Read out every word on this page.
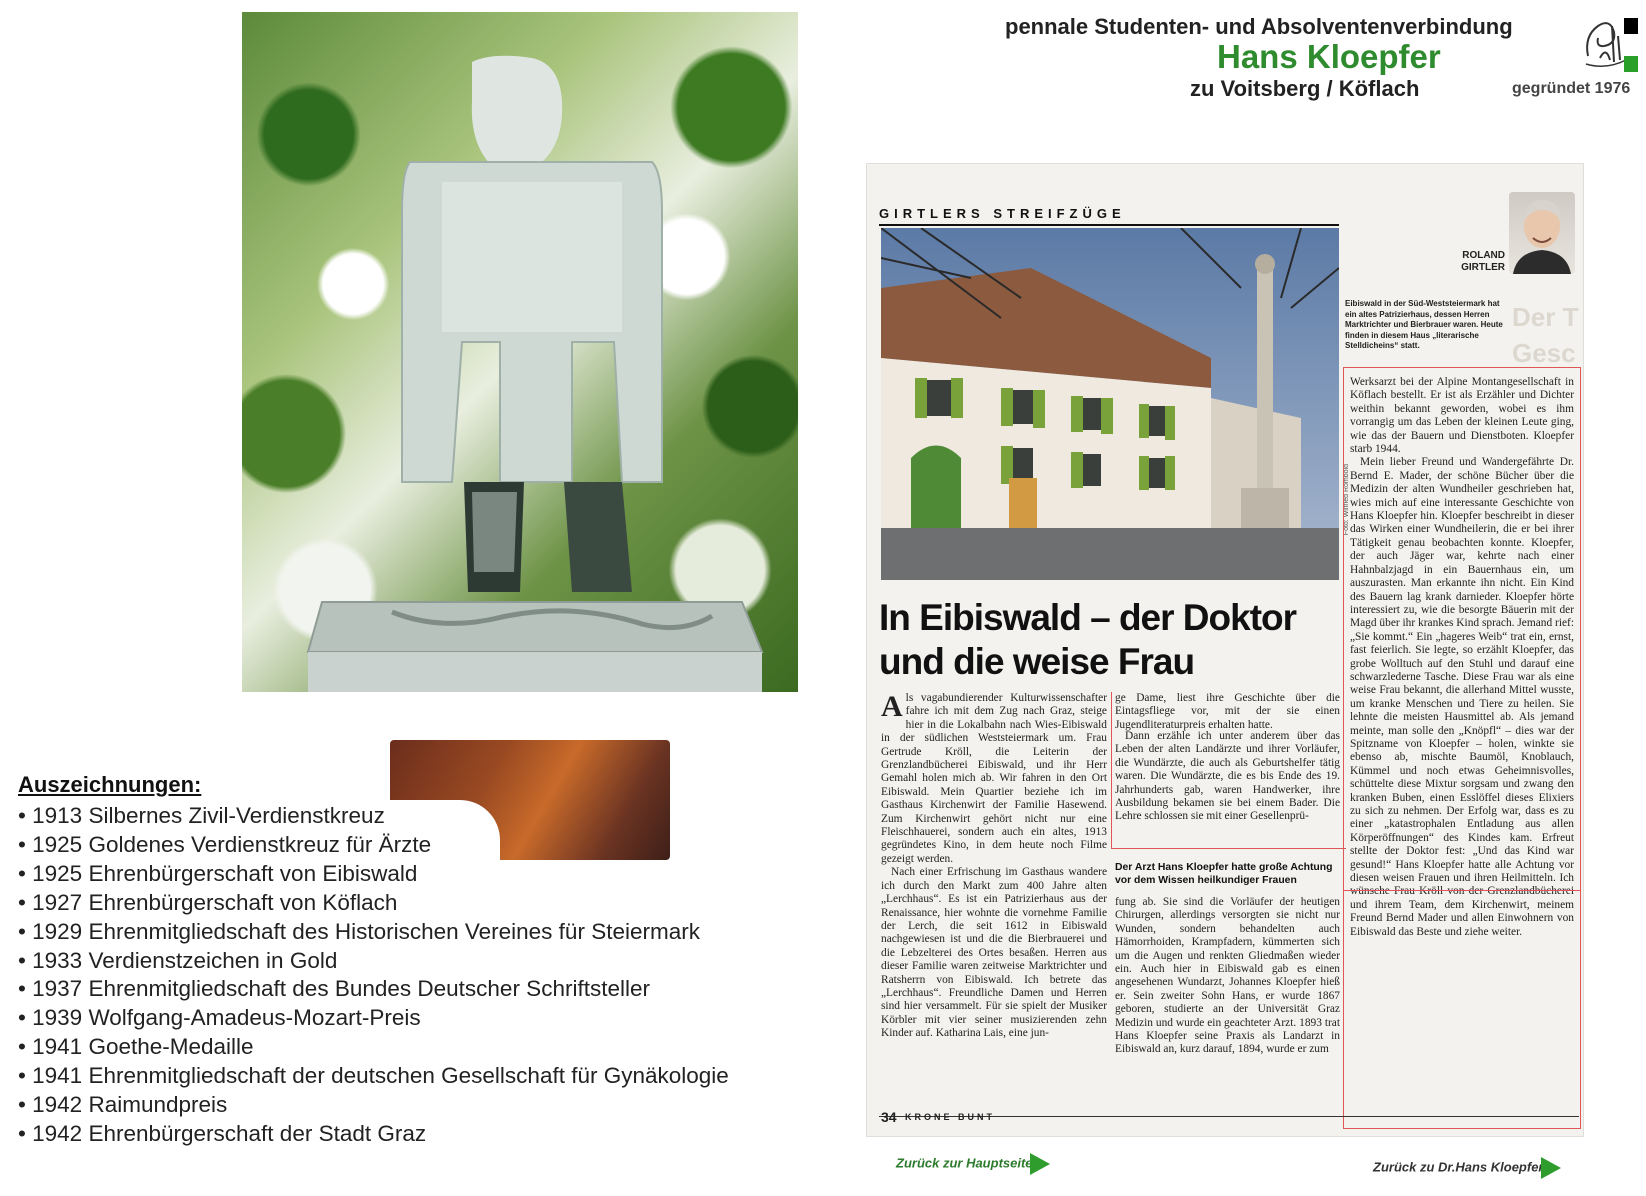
Auszeichnungen:
• 1913 Silbernes Zivil-Verdienstkreuz
• 1925 Goldenes Verdienstkreuz für Ärzte
• 1925 Ehrenbürgerschaft von Eibiswald
• 1927 Ehrenbürgerschaft von Köflach
• 1929 Ehrenmitgliedschaft des Historischen Vereines für Steiermark
• 1933 Verdienstzeichen in Gold
• 1937 Ehrenmitgliedschaft des Bundes Deutscher Schriftsteller
• 1939 Wolfgang-Amadeus-Mozart-Preis
• 1941 Goethe-Medaille
• 1941 Ehrenmitgliedschaft der deutschen Gesellschaft für Gynäkologie
• 1942 Raimundpreis
• 1942 Ehrenbürgerschaft der Stadt Graz
pennale Studenten- und Absolventenverbindung
Hans Kloepfer
zu Voitsberg / Köflach	gegründet 1976
GIRTLERS STREIFZÜGE
Foto: Wilfried Rombold
ROLAND GIRTLER
Eibiswald in der Süd-Weststeiermark hat ein altes Patrizierhaus, dessen Herren Marktrichter und Bierbrauer waren. Heute finden in diesem Haus „literarische Stelldicheins“ statt.
Der T
Gesc
In Eibiswald – der Doktor und die weise Frau

Als vagabundierender Kulturwissenschafter fahre ich mit dem Zug nach Graz, steige hier in die Lokalbahn nach Wies-Eibiswald in der südlichen Weststeiermark um. Frau Gertrude Kröll, die Leiterin der Grenzlandbücherei Eibiswald, und ihr Herr Gemahl holen mich ab. Wir fahren in den Ort Eibiswald. Mein Quartier beziehe ich im Gasthaus Kirchenwirt der Familie Hasewend. Zum Kirchenwirt gehört nicht nur eine Fleischhauerei, sondern auch ein altes, 1913 gegründetes Kino, in dem heute noch Filme gezeigt werden.

Nach einer Erfrischung im Gasthaus wandere ich durch den Markt zum 400 Jahre alten „Lerchhaus“. Es ist ein Patrizierhaus aus der Renaissance, hier wohnte die vornehme Familie der Lerch, die seit 1612 in Eibiswald nachgewiesen ist und die die Bierbrauerei und die Lebzelterei des Ortes besaßen. Herren aus dieser Familie waren zeitweise Marktrichter und Ratsherrn von Eibiswald. Ich betrete das „Lerchhaus“. Freundliche Damen und Herren sind hier versammelt. Für sie spielt der Musiker Körbler mit vier seiner musizierenden zehn Kinder auf. Katharina Lais, eine jun-

ge Dame, liest ihre Geschichte über die Eintagsfliege vor, mit der sie einen Jugendliteraturpreis erhalten hatte.
Dann erzähle ich unter anderem über das Leben der alten Landärzte und ihrer Vorläufer, die Wundärzte, die auch als Geburtshelfer tätig waren. Die Wundärzte, die es bis Ende des 19. Jahrhunderts gab, waren Handwerker, ihre Ausbildung bekamen sie bei einem Bader. Die Lehre schlossen sie mit einer Gesellenprü-
Der Arzt Hans Kloepfer hatte große Achtung vor dem Wissen heilkundiger Frauen
fung ab. Sie sind die Vorläufer der heutigen Chirurgen, allerdings versorgten sie nicht nur Wunden, sondern behandelten auch Hämorrhoiden, Krampfadern, kümmerten sich um die Augen und renkten Gliedmaßen wieder ein. Auch hier in Eibiswald gab es einen angesehenen Wundarzt, Johannes Kloepfer hieß er. Sein zweiter Sohn Hans, er wurde 1867 geboren, studierte an der Universität Graz Medizin und wurde ein geachteter Arzt. 1893 trat Hans Kloepfer seine Praxis als Landarzt in Eibiswald an, kurz darauf, 1894, wurde er zum

Werksarzt bei der Alpine Montangesellschaft in Köflach bestellt. Er ist als Erzähler und Dichter weithin bekannt geworden, wobei es ihm vorrangig um das Leben der kleinen Leute ging, wie das der Bauern und Dienstboten. Kloepfer starb 1944.

Mein lieber Freund und Wandergefährte Dr. Bernd E. Mader, der schöne Bücher über die Medizin der alten Wundheiler geschrieben hat, wies mich auf eine interessante Geschichte von Hans Kloepfer hin. Kloepfer beschreibt in dieser das Wirken einer Wundheilerin, die er bei ihrer Tätigkeit genau beobachten konnte. Kloepfer, der auch Jäger war, kehrte nach einer Hahnbalzjagd in ein Bauernhaus ein, um auszurasten. Man erkannte ihn nicht. Ein Kind des Bauern lag krank darnieder. Kloepfer hörte interessiert zu, wie die besorgte Bäuerin mit der Magd über ihr krankes Kind sprach. Jemand rief: „Sie kommt.“ Ein „hageres Weib“ trat ein, ernst, fast feierlich. Sie legte, so erzählt Kloepfer, das grobe Wolltuch auf den Stuhl und darauf eine schwarzlederne Tasche. Diese Frau war als eine weise Frau bekannt, die allerhand Mittel wusste, um kranke Menschen und Tiere zu heilen. Sie lehnte die meisten Hausmittel ab. Als jemand meinte, man solle den „Knöpfl“ – dies war der Spitzname von Kloepfer – holen, winkte sie ebenso ab, mischte Baumöl, Knoblauch, Kümmel und noch etwas Geheimnisvolles, schüttelte diese Mixtur sorgsam und zwang den kranken Buben, einen Esslöffel dieses Elixiers zu sich zu nehmen. Der Erfolg war, dass es zu einer „katastrophalen Entladung aus allen Körperöffnungen“ des Kindes kam. Erfreut stellte der Doktor fest: „Und das Kind war gesund!“ Hans Kloepfer hatte alle Achtung vor diesen weisen Frauen und ihren Heilmitteln. Ich wünsche Frau Kröll von der Grenzlandbücherei und ihrem Team, dem Kirchenwirt, meinem Freund Bernd Mader und allen Einwohnern von Eibiswald das Beste und ziehe weiter.

34 KRONE BUNT
Zurück zur Hauptseite	Zurück zu Dr.Hans Kloepfer
